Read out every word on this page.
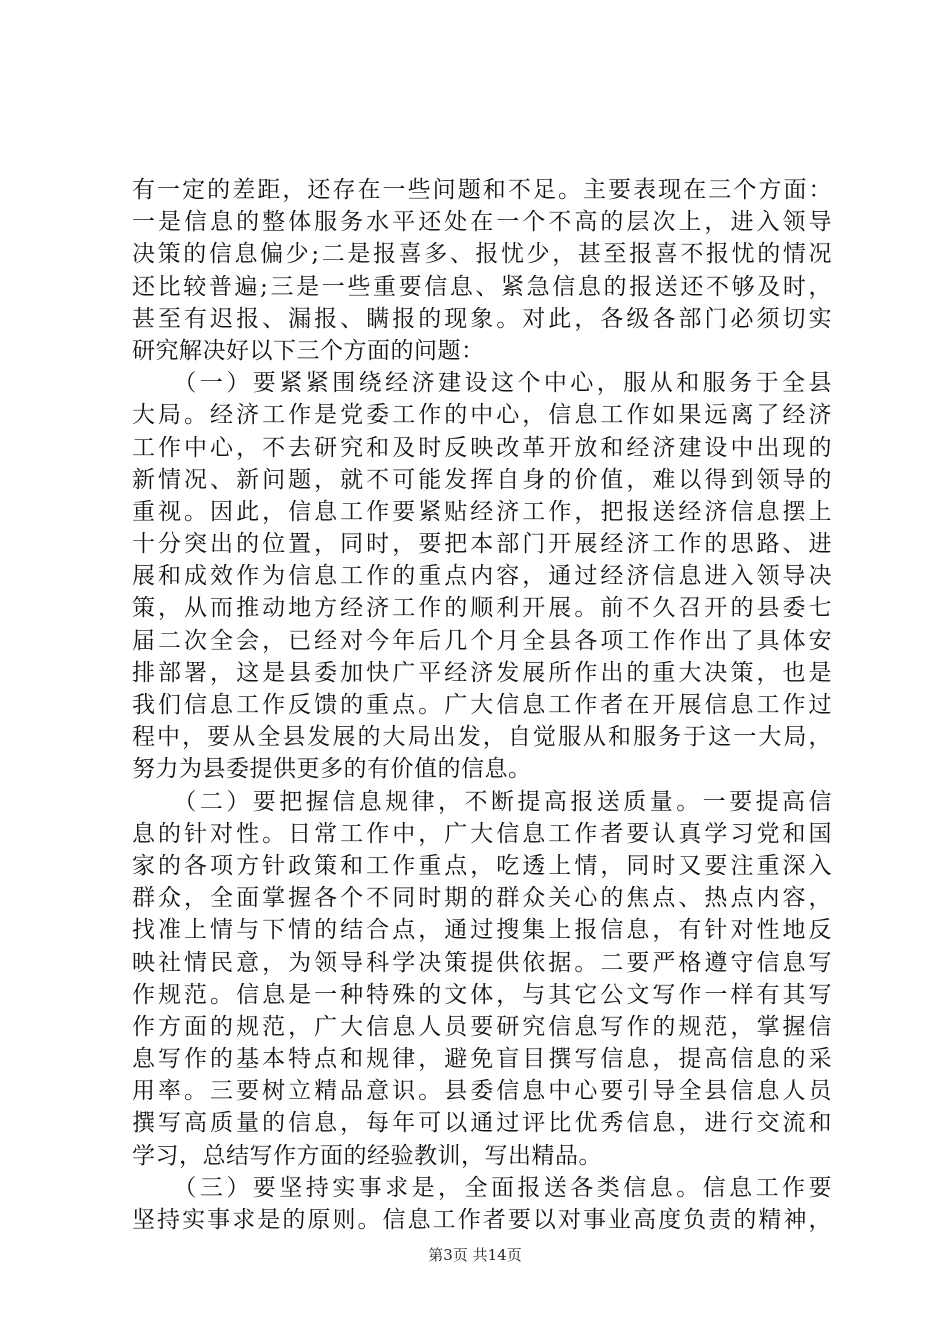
有一定的差距，还存在一些问题和不足。主要表现在三个方面：
一是信息的整体服务水平还处在一个不高的层次上，进入领导
决策的信息偏少;二是报喜多、报忧少，甚至报喜不报忧的情况
还比较普遍;三是一些重要信息、紧急信息的报送还不够及时，
甚至有迟报、漏报、瞒报的现象。对此，各级各部门必须切实
研究解决好以下三个方面的问题：
　　（一）要紧紧围绕经济建设这个中心，服从和服务于全县
大局。经济工作是党委工作的中心，信息工作如果远离了经济
工作中心，不去研究和及时反映改革开放和经济建设中出现的
新情况、新问题，就不可能发挥自身的价值，难以得到领导的
重视。因此，信息工作要紧贴经济工作，把报送经济信息摆上
十分突出的位置，同时，要把本部门开展经济工作的思路、进
展和成效作为信息工作的重点内容，通过经济信息进入领导决
策，从而推动地方经济工作的顺利开展。前不久召开的县委七
届二次全会，已经对今年后几个月全县各项工作作出了具体安
排部署，这是县委加快广平经济发展所作出的重大决策，也是
我们信息工作反馈的重点。广大信息工作者在开展信息工作过
程中，要从全县发展的大局出发，自觉服从和服务于这一大局，
努力为县委提供更多的有价值的信息。
　　（二）要把握信息规律，不断提高报送质量。一要提高信
息的针对性。日常工作中，广大信息工作者要认真学习党和国
家的各项方针政策和工作重点，吃透上情，同时又要注重深入
群众，全面掌握各个不同时期的群众关心的焦点、热点内容，
找准上情与下情的结合点，通过搜集上报信息，有针对性地反
映社情民意，为领导科学决策提供依据。二要严格遵守信息写
作规范。信息是一种特殊的文体，与其它公文写作一样有其写
作方面的规范，广大信息人员要研究信息写作的规范，掌握信
息写作的基本特点和规律，避免盲目撰写信息，提高信息的采
用率。三要树立精品意识。县委信息中心要引导全县信息人员
撰写高质量的信息，每年可以通过评比优秀信息，进行交流和
学习，总结写作方面的经验教训，写出精品。
　　（三）要坚持实事求是，全面报送各类信息。信息工作要
坚持实事求是的原则。信息工作者要以对事业高度负责的精神，
第3页 共14页
